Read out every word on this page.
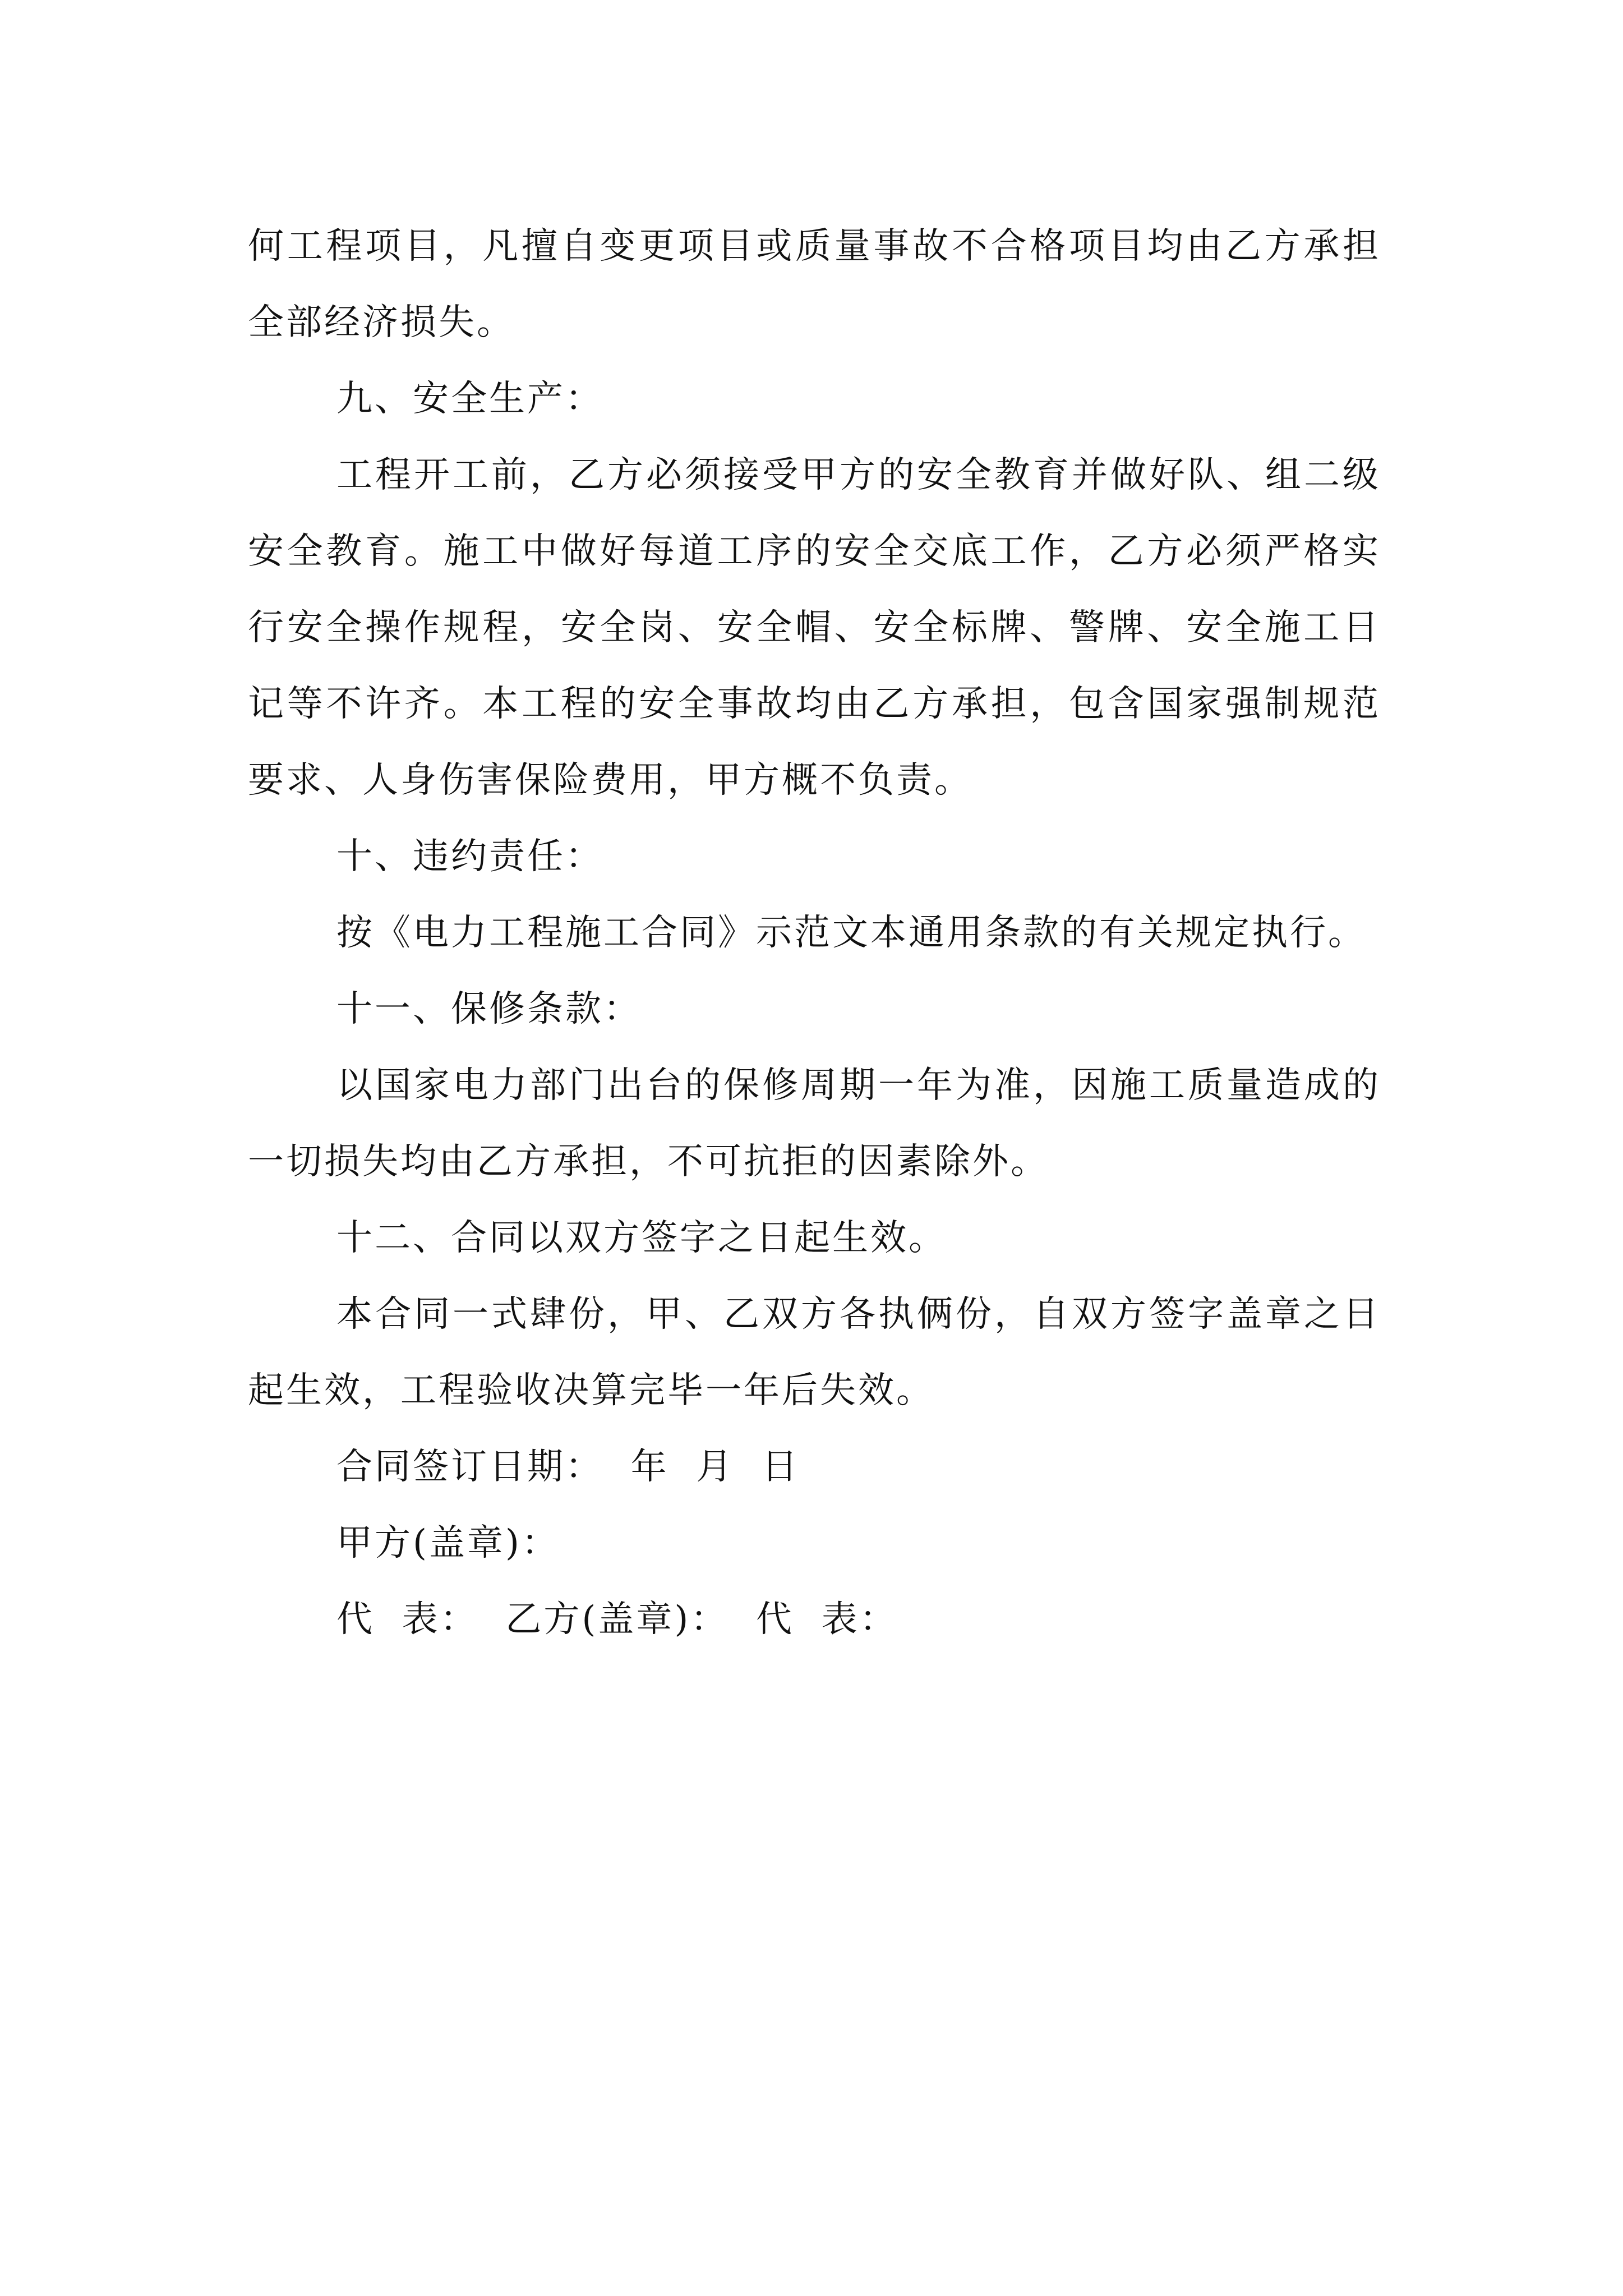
何工程项目，凡擅自变更项目或质量事故不合格项目均由乙方承担全部经济损失。

九、安全生产：

工程开工前，乙方必须接受甲方的安全教育并做好队、组二级安全教育。施工中做好每道工序的安全交底工作，乙方必须严格实行安全操作规程，安全岗、安全帽、安全标牌、警牌、安全施工日记等不许齐。本工程的安全事故均由乙方承担，包含国家强制规范要求、人身伤害保险费用，甲方概不负责。

十、违约责任：

按《电力工程施工合同》示范文本通用条款的有关规定执行。

十一、保修条款：

以国家电力部门出台的保修周期一年为准，因施工质量造成的一切损失均由乙方承担，不可抗拒的因素除外。

十二、合同以双方签字之日起生效。

本合同一式肆份，甲、乙双方各执俩份，自双方签字盖章之日起生效，工程验收决算完毕一年后失效。

合同签订日期：  年  月  日

甲方(盖章)：

代  表：  乙方(盖章)：  代  表：
